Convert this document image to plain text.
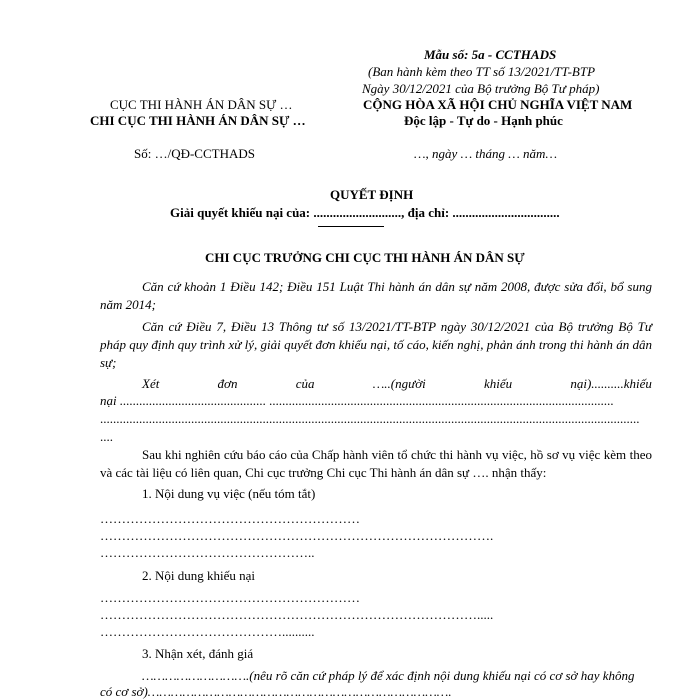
Mẫu số: 5a - CCTHADS
(Ban hành kèm theo TT số 13/2021/TT-BTP
Ngày 30/12/2021 của Bộ trưởng Bộ Tư pháp)
CỤC THI HÀNH ÁN DÂN SỰ …
CHI CỤC THI HÀNH ÁN DÂN SỰ …
Số: …/QĐ-CCTHADS
CỘNG HÒA XÃ HỘI CHỦ NGHĨA VIỆT NAM
Độc lập - Tự do - Hạnh phúc
…, ngày … tháng … năm…
QUYẾT ĐỊNH
Giải quyết khiếu nại của: ..........................., địa chỉ: .................................
CHI CỤC TRƯỞNG CHI CỤC THI HÀNH ÁN DÂN SỰ
Căn cứ khoản 1 Điều 142; Điều 151 Luật Thi hành án dân sự năm 2008, được sửa đổi, bổ sung năm 2014;
Căn cứ Điều 7, Điều 13 Thông tư số 13/2021/TT-BTP ngày 30/12/2021 của Bộ trưởng Bộ Tư pháp quy định quy trình xử lý, giải quyết đơn khiếu nại, tố cáo, kiến nghị, phản ánh trong thi hành án dân sự;
Xét	đơn	của	…..(người	khiếu	nại)..........khiếu
nại ............................................. ..........................................................................................................
......................................................................................................................................................................
....
Sau khi nghiên cứu báo cáo của Chấp hành viên tổ chức thi hành vụ việc, hồ sơ vụ việc kèm theo và các tài liệu có liên quan, Chi cục trưởng Chi cục Thi hành án dân sự …. nhận thấy:
1. Nội dung vụ việc (nếu tóm tắt)
……………………………………………………
……………………………………………………………………………….
…………………………………………..
2. Nội dung khiếu nại
……………………………………………………
…………………………………………………………………………….....
……………………………………..........
3. Nhận xét, đánh giá
……………………….(nêu rõ căn cứ pháp lý để xác định nội dung khiếu nại có cơ sở hay không
có cơ sở)…………………………………………………………………….
